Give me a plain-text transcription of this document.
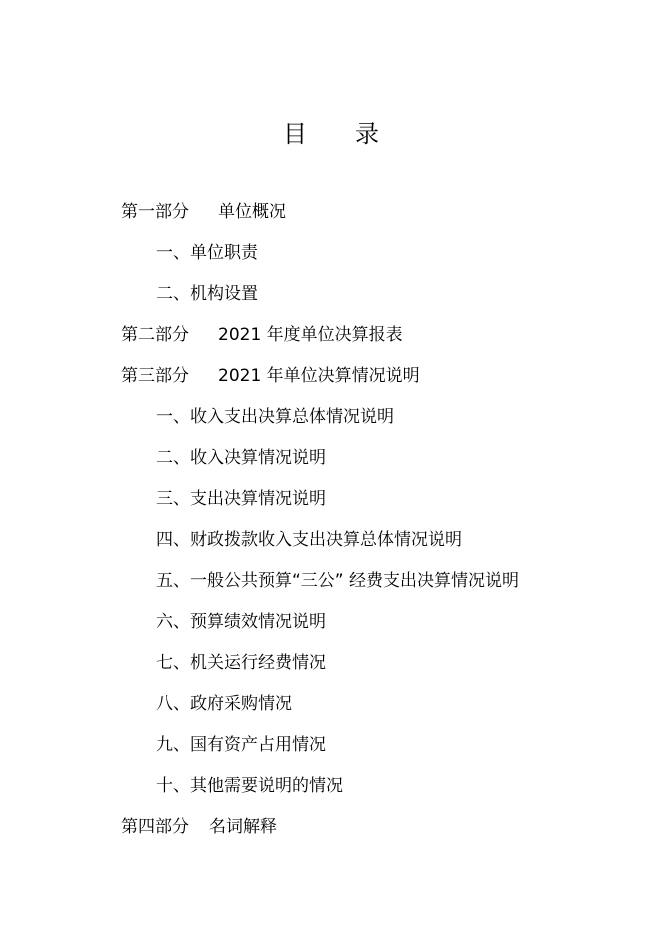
目 录
第一部分 单位概况
一、单位职责
二、机构设置
第二部分 2021 年度单位决算报表
第三部分 2021 年单位决算情况说明
一、收入支出决算总体情况说明
二、收入决算情况说明
三、支出决算情况说明
四、财政拨款收入支出决算总体情况说明
五、一般公共预算“三公” 经费支出决算情况说明
六、预算绩效情况说明
七、机关运行经费情况
八、政府采购情况
九、国有资产占用情况
十、其他需要说明的情况
第四部分 名词解释
